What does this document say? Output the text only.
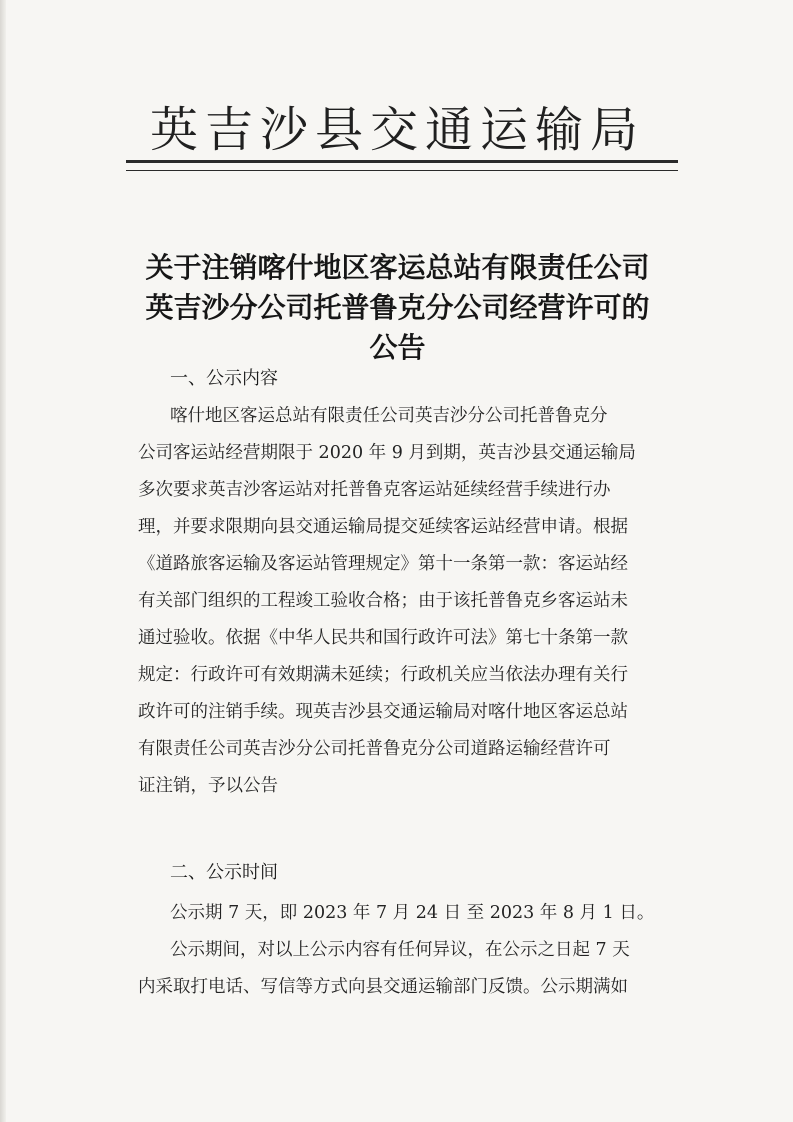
英吉沙县交通运输局
关于注销喀什地区客运总站有限责任公司
英吉沙分公司托普鲁克分公司经营许可的
公告
一、公示内容
喀什地区客运总站有限责任公司英吉沙分公司托普鲁克分
公司客运站经营期限于 2020 年 9 月到期，英吉沙县交通运输局
多次要求英吉沙客运站对托普鲁克客运站延续经营手续进行办
理，并要求限期向县交通运输局提交延续客运站经营申请。根据
《道路旅客运输及客运站管理规定》第十一条第一款：客运站经
有关部门组织的工程竣工验收合格；由于该托普鲁克乡客运站未
通过验收。依据《中华人民共和国行政许可法》第七十条第一款
规定：行政许可有效期满未延续；行政机关应当依法办理有关行
政许可的注销手续。现英吉沙县交通运输局对喀什地区客运总站
有限责任公司英吉沙分公司托普鲁克分公司道路运输经营许可
证注销，予以公告
二、公示时间
公示期 7 天，即 2023 年 7 月 24 日 至 2023 年 8 月 1 日。
公示期间，对以上公示内容有任何异议，在公示之日起 7 天
内采取打电话、写信等方式向县交通运输部门反馈。公示期满如
